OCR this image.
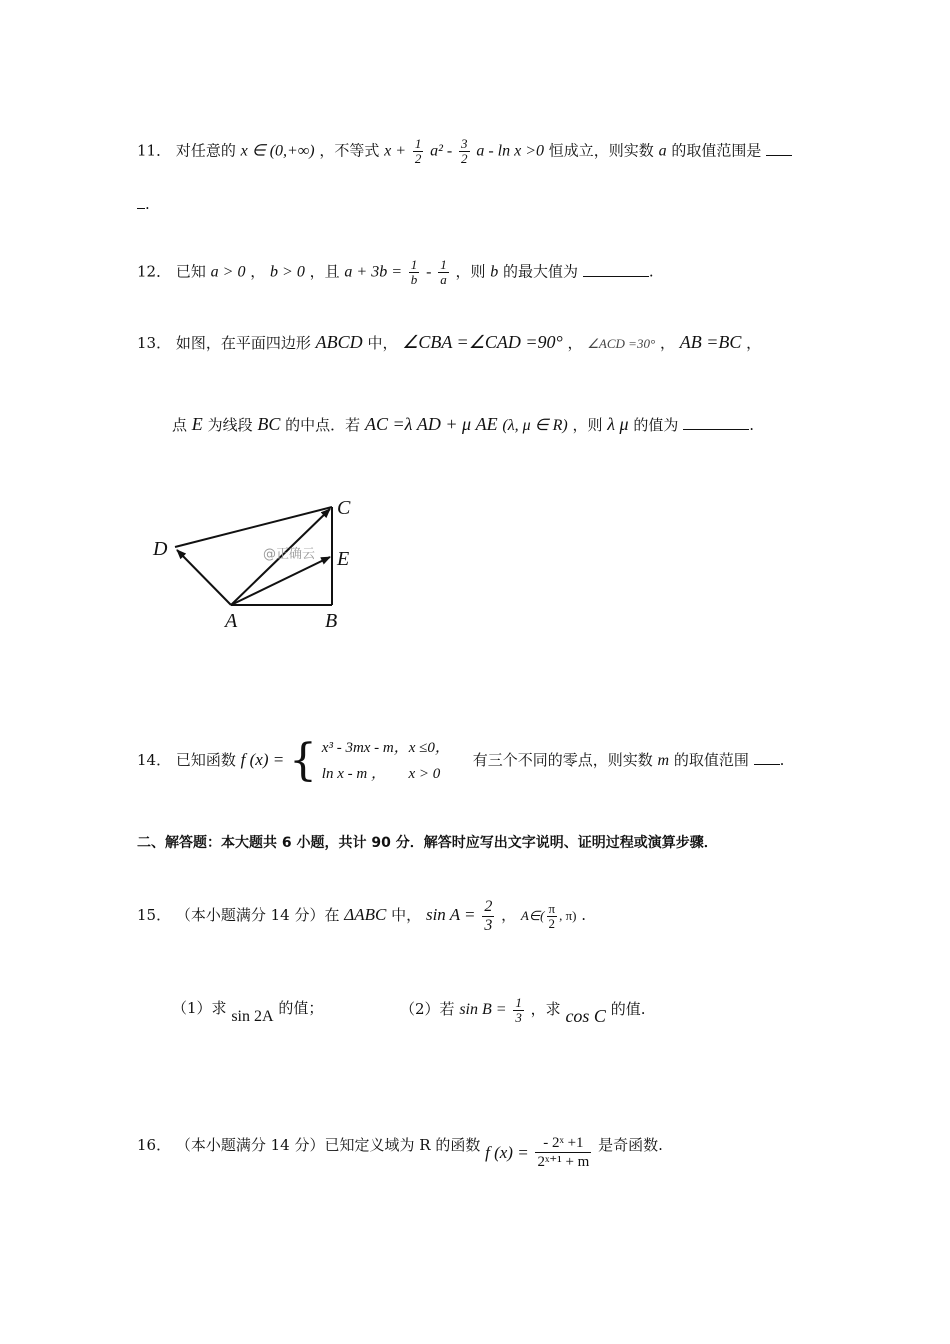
11． 对任意的 x ∈ (0,+∞) ，不等式 $x + \frac{1}{2} a^2 - \frac{3}{2}$ a - ln x >0 恒成立，则实数 a 的取值范围是
.
12． 已知 a > 0 ， b > 0 ，且 $a + 3b = \frac{1}{b} - \frac{1}{a}$ ，则 b 的最大值为	.
13． 如图，在平面四边形 ABCD 中， ∠CBA =∠CAD =90° ， ∠ACD =30° ， AB =BC ，
点 E 为线段 BC 的中点．若 AC =λ AD + μ AE (λ, μ ∈ R) ，则 λ μ 的值为	.
C
D	E
A	B
@正确云
14． 已知函数 f (x) = { x³ - 3mx - m，x ≤0，
ln x - m ，      x > 0
有三个不同的零点，则实数 m 的取值范围 .
二、解答题：本大题共 6 小题，共计 90 分．解答时应写出文字说明、证明过程或演算步骤．
15． （本小题满分 14 分）在 ΔABC 中， $\sin A = \frac{2}{3}$ ， A∈( $\frac{\pi}{2}$ , π) .
（1）求 sin 2A 的值；	（2）若 $\sin B = \frac{1}{3}$ ，求 cos C 的值.
16． （本小题满分 14 分）已知定义域为 R 的函数 f $(x) = \frac{\text{- 2ˣ +1}}{\text{2ˣ⁺¹ + m}}$ 是奇函数.
